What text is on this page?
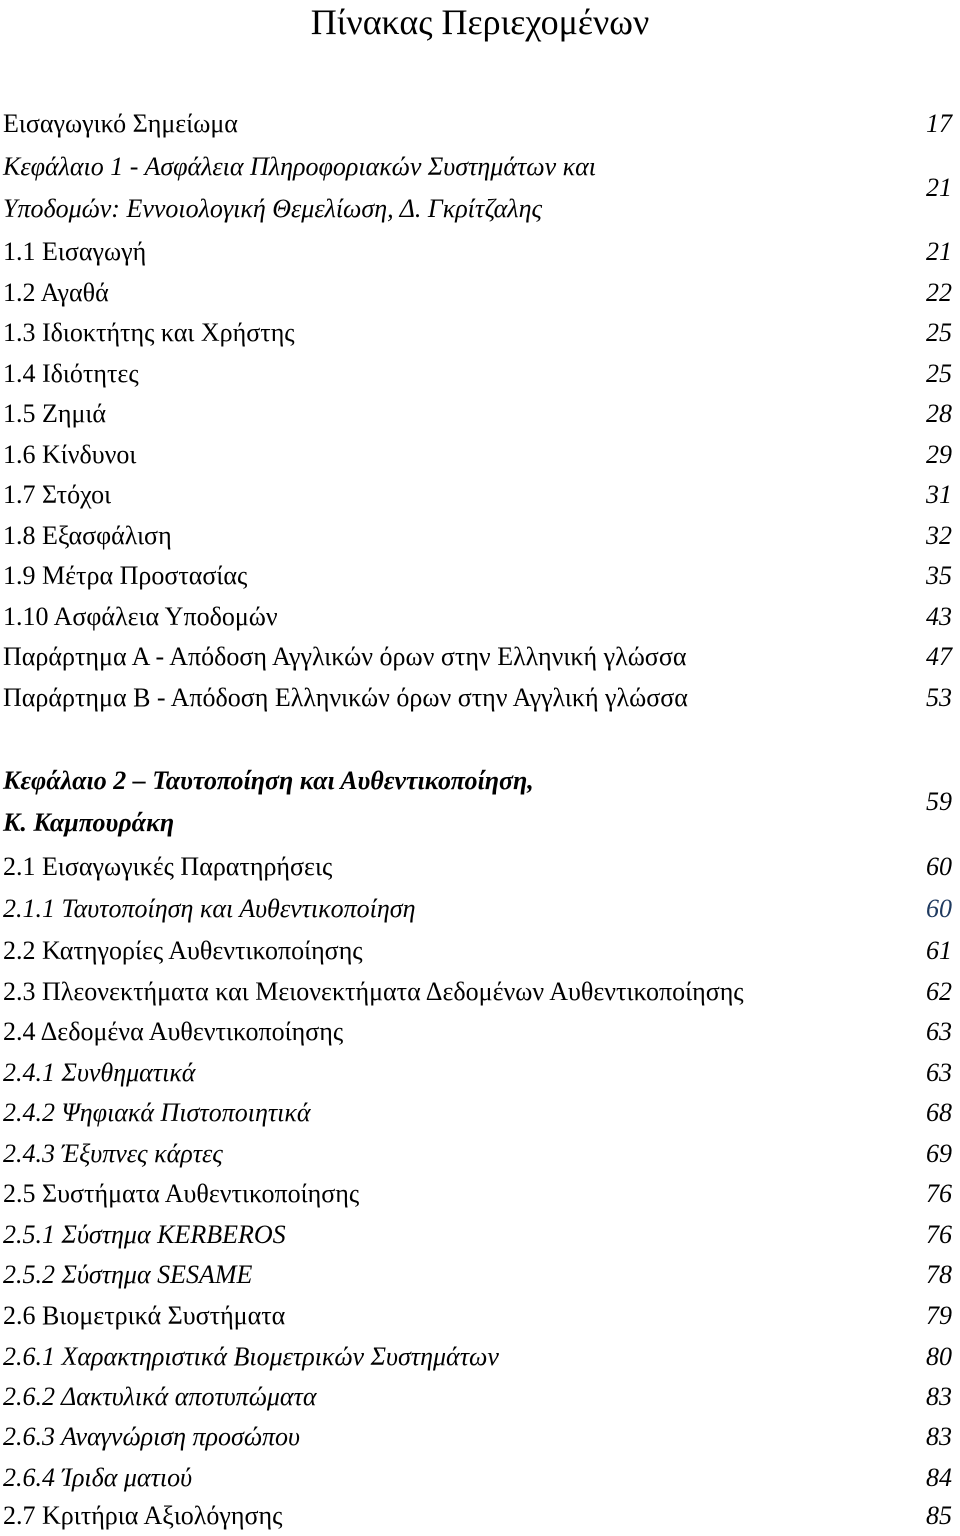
Πίνακας Περιεχομένων
Εισαγωγικό Σημείωμα	17
Κεφάλαιο 1 - Ασφάλεια Πληροφοριακών Συστημάτων και
Υποδομών: Εννοιολογική Θεμελίωση, Δ. Γκρίτζαλης
21
1.1 Εισαγωγή	21
1.2 Αγαθά	22
1.3 Ιδιοκτήτης και Χρήστης	25
1.4 Ιδιότητες	25
1.5 Ζημιά	28
1.6 Κίνδυνοι	29
1.7 Στόχοι	31
1.8 Εξασφάλιση	32
1.9 Μέτρα Προστασίας	35
1.10 Ασφάλεια Υποδομών	43
Παράρτημα Α - Απόδοση Αγγλικών όρων στην Ελληνική γλώσσα	47
Παράρτημα Β - Απόδοση Ελληνικών όρων στην Αγγλική γλώσσα	53
Κεφάλαιο 2 – Ταυτοποίηση και Αυθεντικοποίηση,
Κ. Καμπουράκη
59
2.1 Εισαγωγικές Παρατηρήσεις	60
2.1.1 Ταυτοποίηση και Αυθεντικοποίηση	60
2.2 Κατηγορίες Αυθεντικοποίησης	61
2.3 Πλεονεκτήματα και Μειονεκτήματα Δεδομένων Αυθεντικοποίησης	62
2.4 Δεδομένα Αυθεντικοποίησης	63
2.4.1 Συνθηματικά	63
2.4.2 Ψηφιακά Πιστοποιητικά	68
2.4.3 Έξυπνες κάρτες	69
2.5 Συστήματα Αυθεντικοποίησης	76
2.5.1 Σύστημα KERBEROS	76
2.5.2 Σύστημα SESAME	78
2.6 Βιομετρικά Συστήματα	79
2.6.1 Χαρακτηριστικά Βιομετρικών Συστημάτων	80
2.6.2 Δακτυλικά αποτυπώματα	83
2.6.3 Αναγνώριση προσώπου	83
2.6.4 Ίριδα ματιού	84
2.7 Κριτήρια Αξιολόγησης	85
